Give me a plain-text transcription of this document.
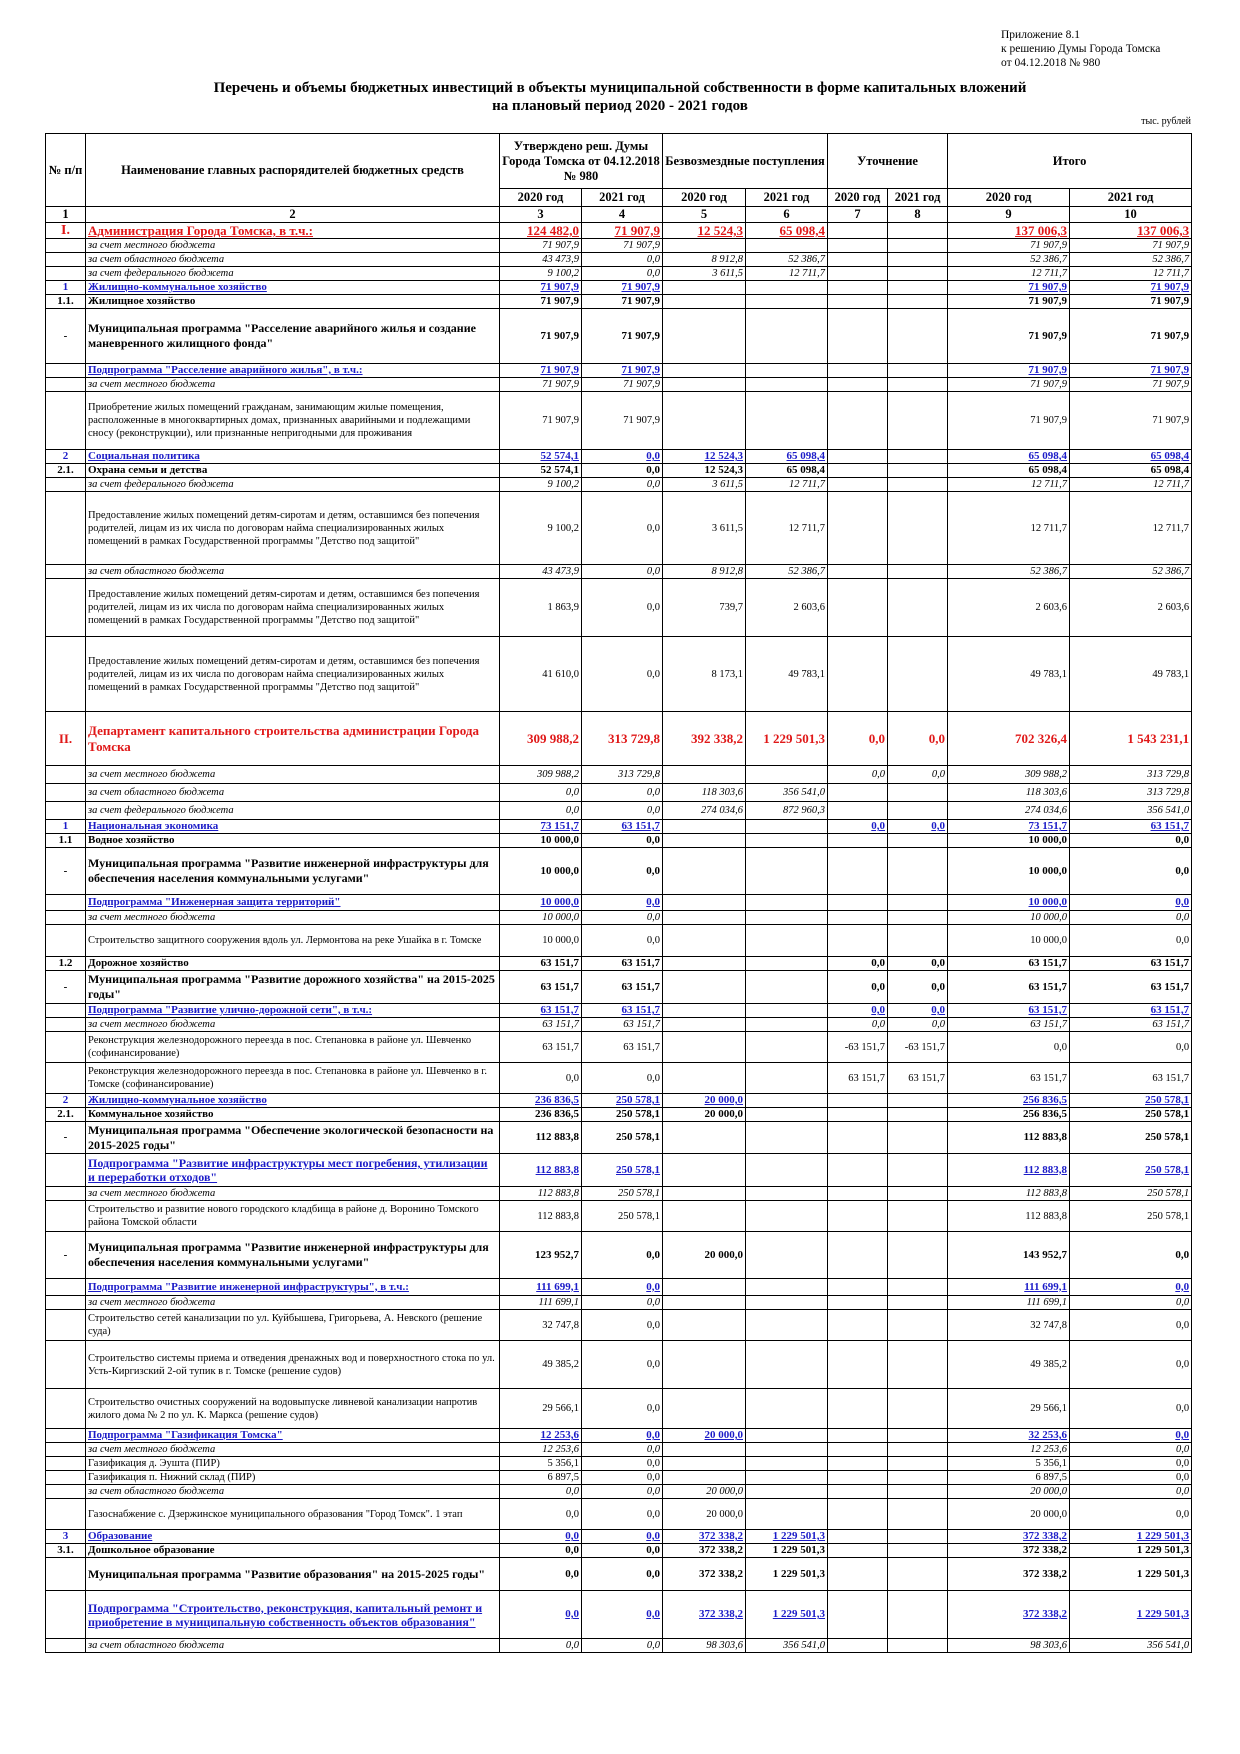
Приложение 8.1
к решению Думы Города Томска
от 04.12.2018 № 980
Перечень и объемы бюджетных инвестиций в объекты муниципальной собственности в форме капитальных вложений
на плановый период 2020 - 2021 годов
тыс. рублей
№ п/п	Наименование главных распорядителей бюджетных средств	Утверждено реш. Думы Города Томска от 04.12.2018 № 980		Безвозмездные поступления		Уточнение		Итого	
		2020 год	2021 год	2020 год	2021 год	2020 год	2021 год	2020 год	2021 год
1	2	3	4	5	6	7	8	9	10
I.	Администрация Города Томска, в т.ч.:	124 482,0	71 907,9	12 524,3	65 098,4			137 006,3	137 006,3
	за счет местного бюджета	71 907,9	71 907,9					71 907,9	71 907,9
	за счет областного бюджета	43 473,9	0,0	8 912,8	52 386,7			52 386,7	52 386,7
	за счет федерального бюджета	9 100,2	0,0	3 611,5	12 711,7			12 711,7	12 711,7
1	Жилищно-коммунальное хозяйство	71 907,9	71 907,9					71 907,9	71 907,9
1.1.	Жилищное хозяйство	71 907,9	71 907,9					71 907,9	71 907,9
-	Муниципальная программа "Расселение аварийного жилья и создание маневренного жилищного фонда"	71 907,9	71 907,9					71 907,9	71 907,9
	Подпрограмма "Расселение аварийного жилья", в т.ч.:	71 907,9	71 907,9					71 907,9	71 907,9
	за счет местного бюджета	71 907,9	71 907,9					71 907,9	71 907,9
	Приобретение жилых помещений гражданам, занимающим жилые помещения, расположенные в многоквартирных домах, признанных аварийными и подлежащими сносу (реконструкции), или признанные непригодными для проживания	71 907,9	71 907,9					71 907,9	71 907,9
2	Социальная политика	52 574,1	0,0	12 524,3	65 098,4			65 098,4	65 098,4
2.1.	Охрана семьи и детства	52 574,1	0,0	12 524,3	65 098,4			65 098,4	65 098,4
	за счет федерального бюджета	9 100,2	0,0	3 611,5	12 711,7			12 711,7	12 711,7
	Предоставление жилых помещений детям-сиротам и детям, оставшимся без попечения родителей, лицам из их числа по договорам найма специализированных жилых помещений в рамках Государственной программы "Детство под защитой"	9 100,2	0,0	3 611,5	12 711,7			12 711,7	12 711,7
	за счет областного бюджета	43 473,9	0,0	8 912,8	52 386,7			52 386,7	52 386,7
	Предоставление жилых помещений детям-сиротам и детям, оставшимся без попечения родителей, лицам из их числа по договорам найма специализированных жилых помещений в рамках Государственной программы "Детство под защитой"	1 863,9	0,0	739,7	2 603,6			2 603,6	2 603,6
	Предоставление жилых помещений детям-сиротам и детям, оставшимся без попечения родителей, лицам из их числа по договорам найма специализированных жилых помещений в рамках Государственной программы "Детство под защитой"	41 610,0	0,0	8 173,1	49 783,1			49 783,1	49 783,1
II.	Департамент капитального строительства администрации Города Томска	309 988,2	313 729,8	392 338,2	1 229 501,3	0,0	0,0	702 326,4	1 543 231,1
	за счет местного бюджета	309 988,2	313 729,8			0,0	0,0	309 988,2	313 729,8
	за счет областного бюджета	0,0	0,0	118 303,6	356 541,0			118 303,6	313 729,8
	за счет федерального бюджета	0,0	0,0	274 034,6	872 960,3			274 034,6	356 541,0
1	Национальная экономика	73 151,7	63 151,7			0,0	0,0	73 151,7	63 151,7
1.1	Водное хозяйство	10 000,0	0,0					10 000,0	0,0
-	Муниципальная программа "Развитие инженерной инфраструктуры для обеспечения населения коммунальными услугами"	10 000,0	0,0					10 000,0	0,0
	Подпрограмма "Инженерная защита территорий"	10 000,0	0,0					10 000,0	0,0
	за счет местного бюджета	10 000,0	0,0					10 000,0	0,0
	Строительство защитного сооружения вдоль ул. Лермонтова на реке Ушайка в г. Томске	10 000,0	0,0					10 000,0	0,0
1.2	Дорожное хозяйство	63 151,7	63 151,7			0,0	0,0	63 151,7	63 151,7
-	Муниципальная программа "Развитие дорожного хозяйства" на 2015-2025 годы"	63 151,7	63 151,7			0,0	0,0	63 151,7	63 151,7
	Подпрограмма "Развитие улично-дорожной сети", в т.ч.:	63 151,7	63 151,7			0,0	0,0	63 151,7	63 151,7
	за счет местного бюджета	63 151,7	63 151,7			0,0	0,0	63 151,7	63 151,7
	Реконструкция железнодорожного переезда в пос. Степановка в районе ул. Шевченко (софинансирование)	63 151,7	63 151,7			-63 151,7	-63 151,7	0,0	0,0
	Реконструкция железнодорожного переезда в пос. Степановка в районе ул. Шевченко в г. Томске (софинансирование)	0,0	0,0			63 151,7	63 151,7	63 151,7	63 151,7
2	Жилищно-коммунальное хозяйство	236 836,5	250 578,1	20 000,0				256 836,5	250 578,1
2.1.	Коммунальное хозяйство	236 836,5	250 578,1	20 000,0				256 836,5	250 578,1
-	Муниципальная программа "Обеспечение экологической безопасности на 2015-2025 годы"	112 883,8	250 578,1					112 883,8	250 578,1
	Подпрограмма "Развитие инфраструктуры мест погребения, утилизации и переработки отходов"	112 883,8	250 578,1					112 883,8	250 578,1
	за счет местного бюджета	112 883,8	250 578,1					112 883,8	250 578,1
	Строительство и развитие нового городского кладбища в районе д. Воронино Томского района Томской области	112 883,8	250 578,1					112 883,8	250 578,1
-	Муниципальная программа "Развитие инженерной инфраструктуры для обеспечения населения коммунальными услугами"	123 952,7	0,0	20 000,0				143 952,7	0,0
	Подпрограмма "Развитие инженерной инфраструктуры", в т.ч.:	111 699,1	0,0					111 699,1	0,0
	за счет местного бюджета	111 699,1	0,0					111 699,1	0,0
	Строительство сетей канализации по ул. Куйбышева, Григорьева, А. Невского (решение суда)	32 747,8	0,0					32 747,8	0,0
	Строительство системы приема и отведения дренажных вод и поверхностного стока по ул. Усть-Киргизский 2-ой тупик в г. Томске (решение судов)	49 385,2	0,0					49 385,2	0,0
	Строительство очистных сооружений на водовыпуске ливневой канализации напротив жилого дома № 2 по ул. К. Маркса (решение судов)	29 566,1	0,0					29 566,1	0,0
	Подпрограмма "Газификация Томска"	12 253,6	0,0	20 000,0				32 253,6	0,0
	за счет местного бюджета	12 253,6	0,0					12 253,6	0,0
	Газификация д. Эушта (ПИР)	5 356,1	0,0					5 356,1	0,0
	Газификация п. Нижний склад (ПИР)	6 897,5	0,0					6 897,5	0,0
	за счет областного бюджета	0,0	0,0	20 000,0				20 000,0	0,0
	Газоснабжение с. Дзержинское муниципального образования "Город Томск". 1 этап	0,0	0,0	20 000,0				20 000,0	0,0
3	Образование	0,0	0,0	372 338,2	1 229 501,3			372 338,2	1 229 501,3
3.1.	Дошкольное образование	0,0	0,0	372 338,2	1 229 501,3			372 338,2	1 229 501,3
	Муниципальная программа "Развитие образования" на 2015-2025 годы"	0,0	0,0	372 338,2	1 229 501,3			372 338,2	1 229 501,3
	Подпрограмма "Строительство, реконструкция, капитальный ремонт и приобретение в муниципальную собственность объектов образования"	0,0	0,0	372 338,2	1 229 501,3			372 338,2	1 229 501,3
	за счет областного бюджета	0,0	0,0	98 303,6	356 541,0			98 303,6	356 541,0
